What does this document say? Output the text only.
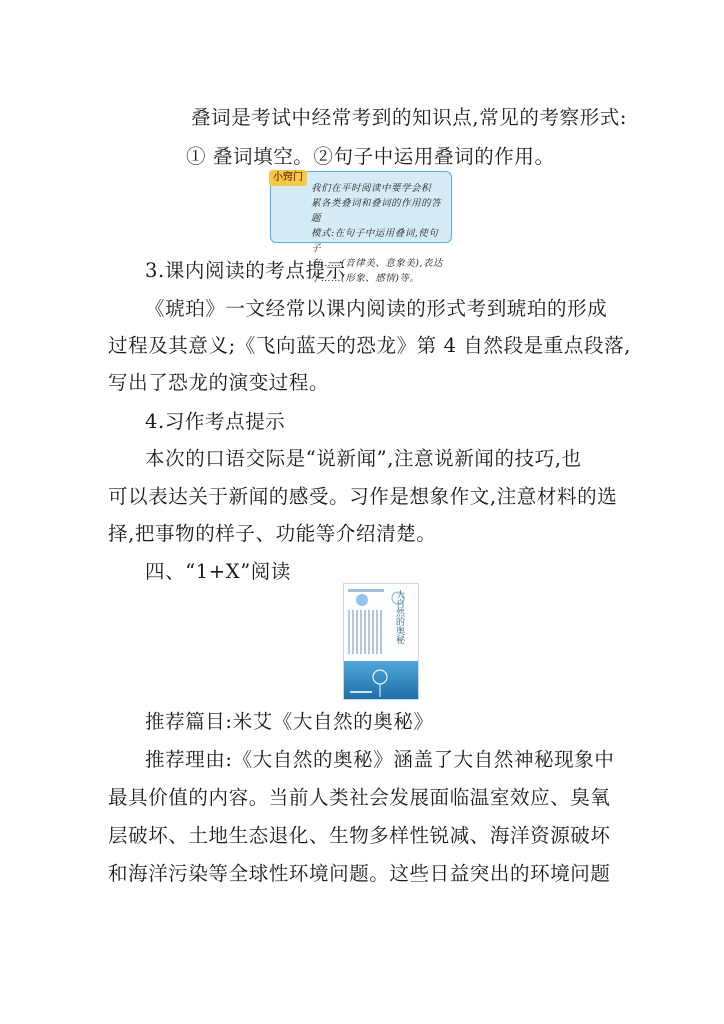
叠词是考试中经常考到的知识点,常见的考察形式:
① 叠词填空。②句子中运用叠词的作用。
小窍门
我们在平时阅读中要学会积
累各类叠词和叠词的作用的答题
模式:在句子中运用叠词,使句子
有……(音律美、意象美),表达
了……(形象、感情)等。
3.课内阅读的考点提示
《琥珀》一文经常以课内阅读的形式考到琥珀的形成
过程及其意义;《飞向蓝天的恐龙》第 4 自然段是重点段落,
写出了恐龙的演变过程。
4.习作考点提示
本次的口语交际是“说新闻”,注意说新闻的技巧,也
可以表达关于新闻的感受。习作是想象作文,注意材料的选
择,把事物的样子、功能等介绍清楚。
四、“1+X”阅读
大自然的奥秘
推荐篇目:米艾《大自然的奥秘》
推荐理由:《大自然的奥秘》涵盖了大自然神秘现象中
最具价值的内容。当前人类社会发展面临温室效应、臭氧
层破坏、土地生态退化、生物多样性锐减、海洋资源破坏
和海洋污染等全球性环境问题。这些日益突出的环境问题
